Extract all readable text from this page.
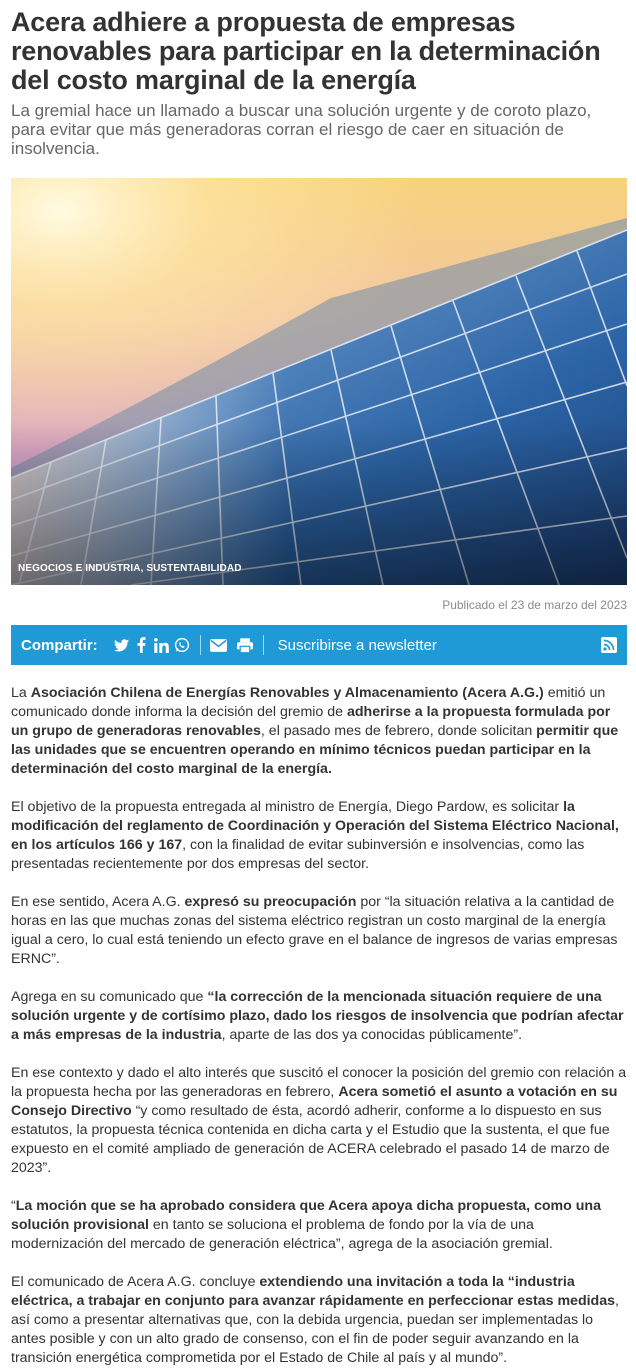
Acera adhiere a propuesta de empresas renovables para participar en la determinación del costo marginal de la energía

La gremial hace un llamado a buscar una solución urgente y de coroto plazo, para evitar que más generadoras corran el riesgo de caer en situación de insolvencia.

NEGOCIOS E INDUSTRIA, SUSTENTABILIDAD
Publicado el 23 de marzo del 2023
Compartir:	Suscribirse a newsletter

La Asociación Chilena de Energías Renovables y Almacenamiento (Acera A.G.) emitió un comunicado donde informa la decisión del gremio de adherirse a la propuesta formulada por un grupo de generadoras renovables, el pasado mes de febrero, donde solicitan permitir que las unidades que se encuentren operando en mínimo técnicos puedan participar en la determinación del costo marginal de la energía.

El objetivo de la propuesta entregada al ministro de Energía, Diego Pardow, es solicitar la modificación del reglamento de Coordinación y Operación del Sistema Eléctrico Nacional, en los artículos 166 y 167, con la finalidad de evitar subinversión e insolvencias, como las presentadas recientemente por dos empresas del sector.

En ese sentido, Acera A.G. expresó su preocupación por “la situación relativa a la cantidad de horas en las que muchas zonas del sistema eléctrico registran un costo marginal de la energía igual a cero, lo cual está teniendo un efecto grave en el balance de ingresos de varias empresas ERNC”.

Agrega en su comunicado que “la corrección de la mencionada situación requiere de una solución urgente y de cortísimo plazo, dado los riesgos de insolvencia que podrían afectar a más empresas de la industria, aparte de las dos ya conocidas públicamente”.

En ese contexto y dado el alto interés que suscitó el conocer la posición del gremio con relación a la propuesta hecha por las generadoras en febrero, Acera sometió el asunto a votación en su Consejo Directivo “y como resultado de ésta, acordó adherir, conforme a lo dispuesto en sus estatutos, la propuesta técnica contenida en dicha carta y el Estudio que la sustenta, el que fue expuesto en el comité ampliado de generación de ACERA celebrado el pasado 14 de marzo de 2023”.

“La moción que se ha aprobado considera que Acera apoya dicha propuesta, como una solución provisional en tanto se soluciona el problema de fondo por la vía de una modernización del mercado de generación eléctrica”, agrega de la asociación gremial.

El comunicado de Acera A.G. concluye extendiendo una invitación a toda la “industria eléctrica, a trabajar en conjunto para avanzar rápidamente en perfeccionar estas medidas, así como a presentar alternativas que, con la debida urgencia, puedan ser implementadas lo antes posible y con un alto grado de consenso, con el fin de poder seguir avanzando en la transición energética comprometida por el Estado de Chile al país y al mundo”.
